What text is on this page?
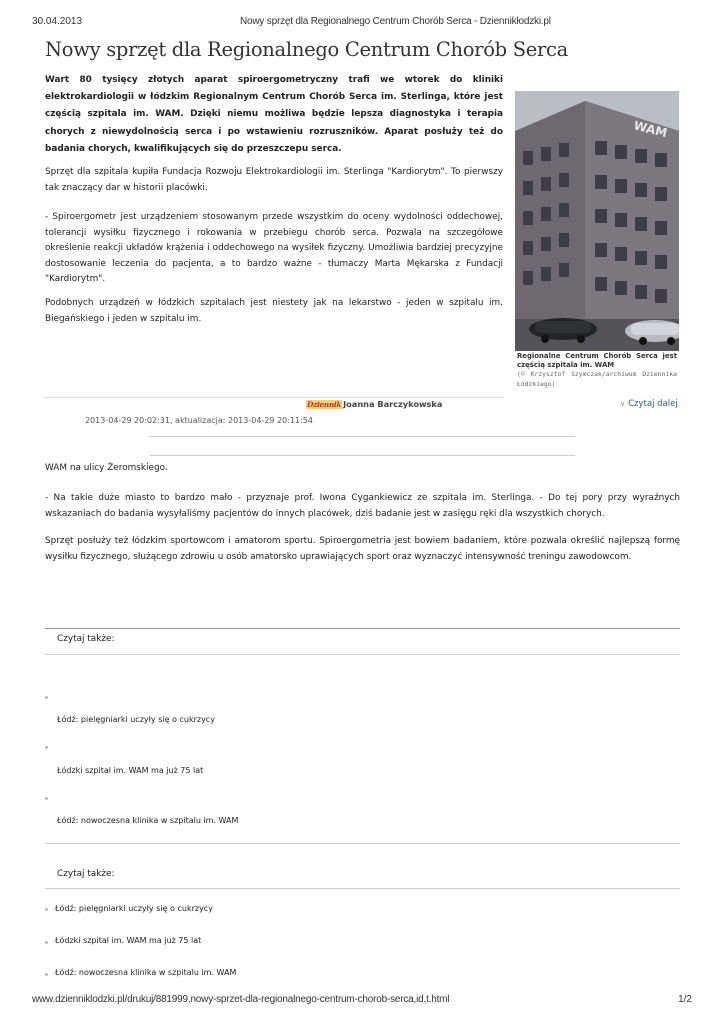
30.04.2013	Nowy sprzęt dla Regionalnego Centrum Chorób Serca - Dziennikłodzki.pl
Nowy sprzęt dla Regionalnego Centrum Chorób Serca
Wart 80 tysięcy złotych aparat spiroergometryczny trafi we wtorek do kliniki elektrokardiologii w łódzkim Regionalnym Centrum Chorób Serca im. Sterlinga, które jest częścią szpitala im. WAM. Dzięki niemu możliwa będzie lepsza diagnostyka i terapia chorych z niewydolnością serca i po wstawieniu rozruszników. Aparat posłuży też do badania chorych, kwalifikujących się do przeszczepu serca.
Sprzęt dla szpitala kupiła Fundacja Rozwoju Elektrokardiologii im. Sterlinga "Kardiorytm". To pierwszy tak znaczący dar w historii placówki.
- Spiroergometr jest urządzeniem stosowanym przede wszystkim do oceny wydolności oddechowej, tolerancji wysiłku fizycznego i rokowania w przebiegu chorób serca. Pozwala na szczegółowe określenie reakcji układów krążenia i oddechowego na wysiłek fizyczny. Umożliwia bardziej precyzyjne dostosowanie leczenia do pacjenta, a to bardzo ważne - tłumaczy Marta Mękarska z Fundacji "Kardiorytm".
Podobnych urządzeń w łódzkich szpitalach jest niestety jak na lekarstwo - jeden w szpitalu im. Biegańskiego i jeden w szpitalu im.
WAM
Regionalne Centrum Chorób Serca jest częścią szpitala im. WAM
(© Krzysztof Szymczak/archiwum Dziennika Łódzkiego)
Dziennik Joanna Barczykowska	∨ Czytaj dalej
2013-04-29 20:02:31, aktualizacja: 2013-04-29 20:11:54
WAM na ulicy Żeromskiego.
- Na takie duże miasto to bardzo mało - przyznaje prof. Iwona Cygankiewicz ze szpitala im. Sterlinga. - Do tej pory przy wyraźnych wskazaniach do badania wysyłaliśmy pacjentów do innych placówek, dziś badanie jest w zasięgu ręki dla wszystkich chorych.
Sprzęt posłuży też łódzkim sportowcom i amatorom sportu. Spiroergometria jest bowiem badaniem, które pozwala określić najlepszą formę wysiłku fizycznego, służącego zdrowiu u osób amatorsko uprawiających sport oraz wyznaczyć intensywność treningu zawodowcom.
Czytaj także:
Łódź: pielęgniarki uczyły się o cukrzycy
Łódzki szpital im. WAM ma już 75 lat
Łódź: nowoczesna klinika w szpitalu im. WAM
Czytaj także:
Łódź: pielęgniarki uczyły się o cukrzycy
Łódzki szpital im. WAM ma już 75 lat
Łódź: nowoczesna klinika w szpitalu im. WAM
www.dzienniklodzki.pl/drukuj/881999,nowy-sprzet-dla-regionalnego-centrum-chorob-serca,id,t.html	1/2
